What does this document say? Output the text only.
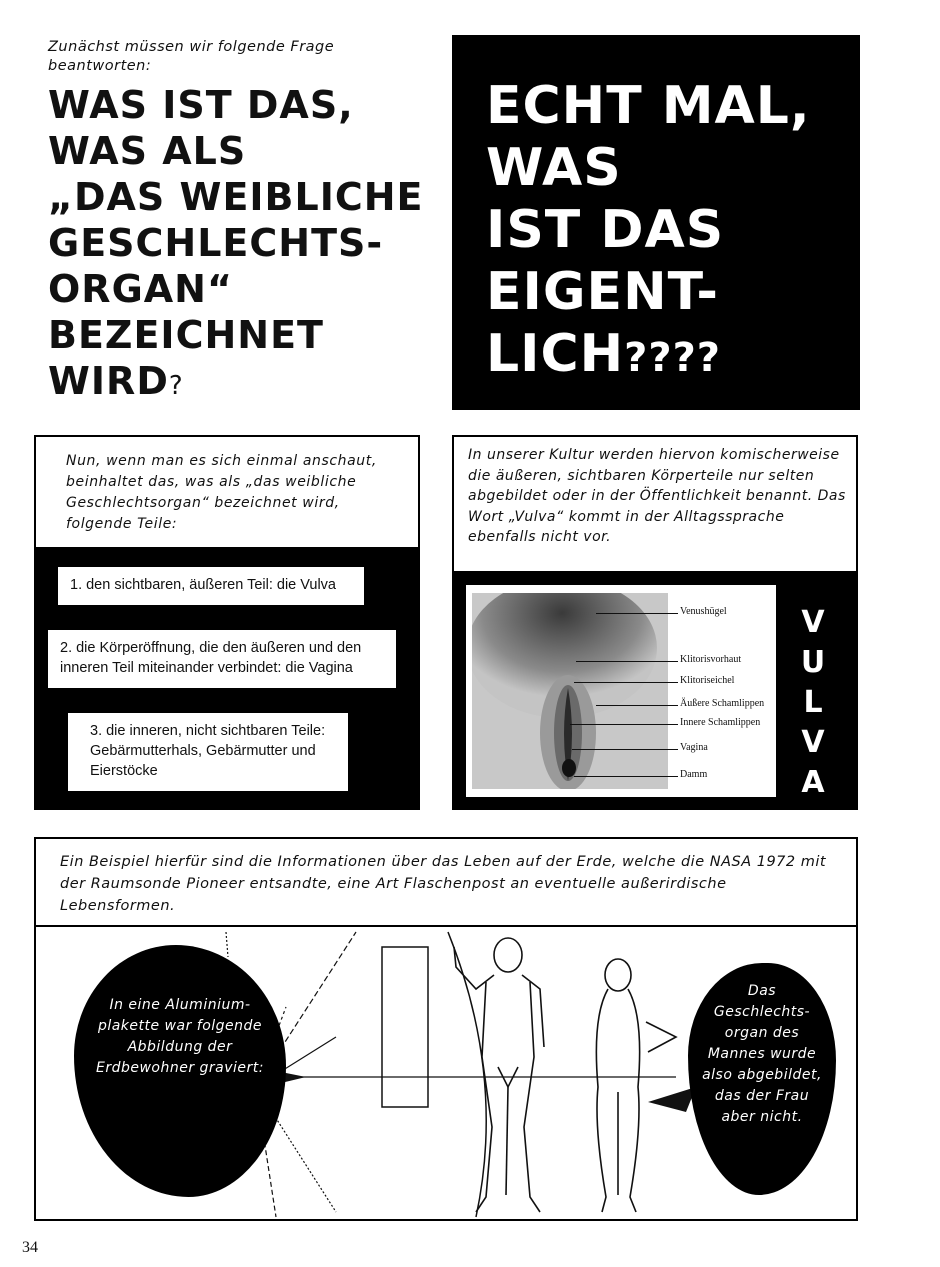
Zunächst müssen wir folgende Frage beantworten:
WAS IST DAS,
WAS ALS
„DAS WEIBLICHE
GESCHLECHTS-
ORGAN“
BEZEICHNET
WIRD?
ECHT MAL,
WAS
IST DAS
EIGENT-
LICH????
Nun, wenn man es sich einmal anschaut, beinhaltet das, was als „das weibliche Geschlechtsorgan“ bezeichnet wird, folgende Teile:
1. den sichtbaren, äußeren Teil: die Vulva
2. die Körperöffnung, die den äußeren und den inneren Teil miteinander verbindet: die Vagina
3. die inneren, nicht sichtbaren Teile: Gebärmutterhals, Gebärmutter und Eierstöcke
In unserer Kultur werden hiervon komischerweise die äußeren, sichtbaren Körperteile nur selten abgebildet oder in der Öffentlichkeit benannt. Das Wort „Vulva“ kommt in der Alltagssprache ebenfalls nicht vor.
Venushügel
Klitorisvorhaut
Klitoriseichel
Äußere Schamlippen
Innere Schamlippen
Vagina
Damm
V
U
L
V
A
Ein Beispiel hierfür sind die Informationen über das Leben auf der Erde, welche die NASA 1972 mit der Raumsonde Pioneer entsandte, eine Art Flaschenpost an eventuelle außerirdische Lebensformen.
In eine Aluminium-plakette war folgende Abbildung der Erdbewohner graviert:
Das Geschlechts-organ des Mannes wurde also abgebildet, das der Frau aber nicht.
34
